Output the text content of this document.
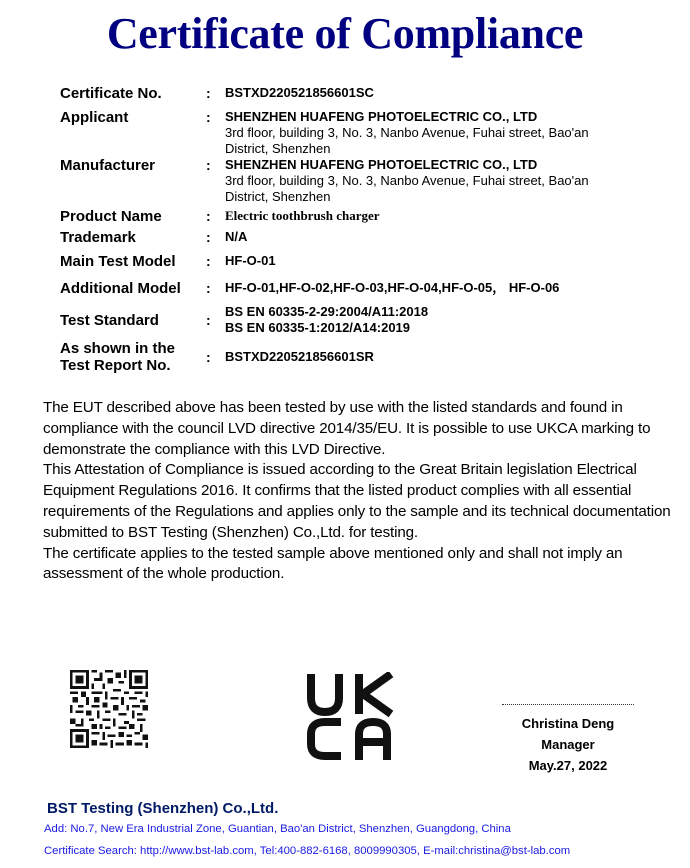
Certificate of Compliance
Certificate No.	: BSTXD220521856601SC
Applicant	: SHENZHEN HUAFENG PHOTOELECTRIC CO., LTD
3rd floor, building 3, No. 3, Nanbo Avenue, Fuhai street, Bao'an
District, Shenzhen
Manufacturer	: SHENZHEN HUAFENG PHOTOELECTRIC CO., LTD
3rd floor, building 3, No. 3, Nanbo Avenue, Fuhai street, Bao'an
District, Shenzhen
Product Name	: Electric toothbrush charger
Trademark	: N/A
Main Test Model : HF-O-01
Additional Model : HF-O-01,HF-O-02,HF-O-03,HF-O-04,HF-O-05， HF-O-06
Test Standard	:
BS EN 60335-2-29:2004/A11:2018
BS EN 60335-1:2012/A14:2019
As shown in the
Test Report No.	: BSTXD220521856601SR

The EUT described above has been tested by use with the listed standards and found in compliance with the council LVD directive 2014/35/EU. It is possible to use UKCA marking to demonstrate the compliance with this LVD Directive.

This Attestation of Compliance is issued according to the Great Britain legislation Electrical Equipment Regulations 2016. It confirms that the listed product complies with all essential requirements of the Regulations and applies only to the sample and its technical documentation submitted to BST Testing (Shenzhen) Co.,Ltd. for testing.

The certificate applies to the tested sample above mentioned only and shall not imply an assessment of the whole production.

Christina Deng
Manager
May.27, 2022
BST Testing (Shenzhen) Co.,Ltd.
Add: No.7, New Era Industrial Zone, Guantian, Bao'an District, Shenzhen, Guangdong, China
Certificate Search: http://www.bst-lab.com, Tel:400-882-6168, 8009990305, E-mail:christina@bst-lab.com
